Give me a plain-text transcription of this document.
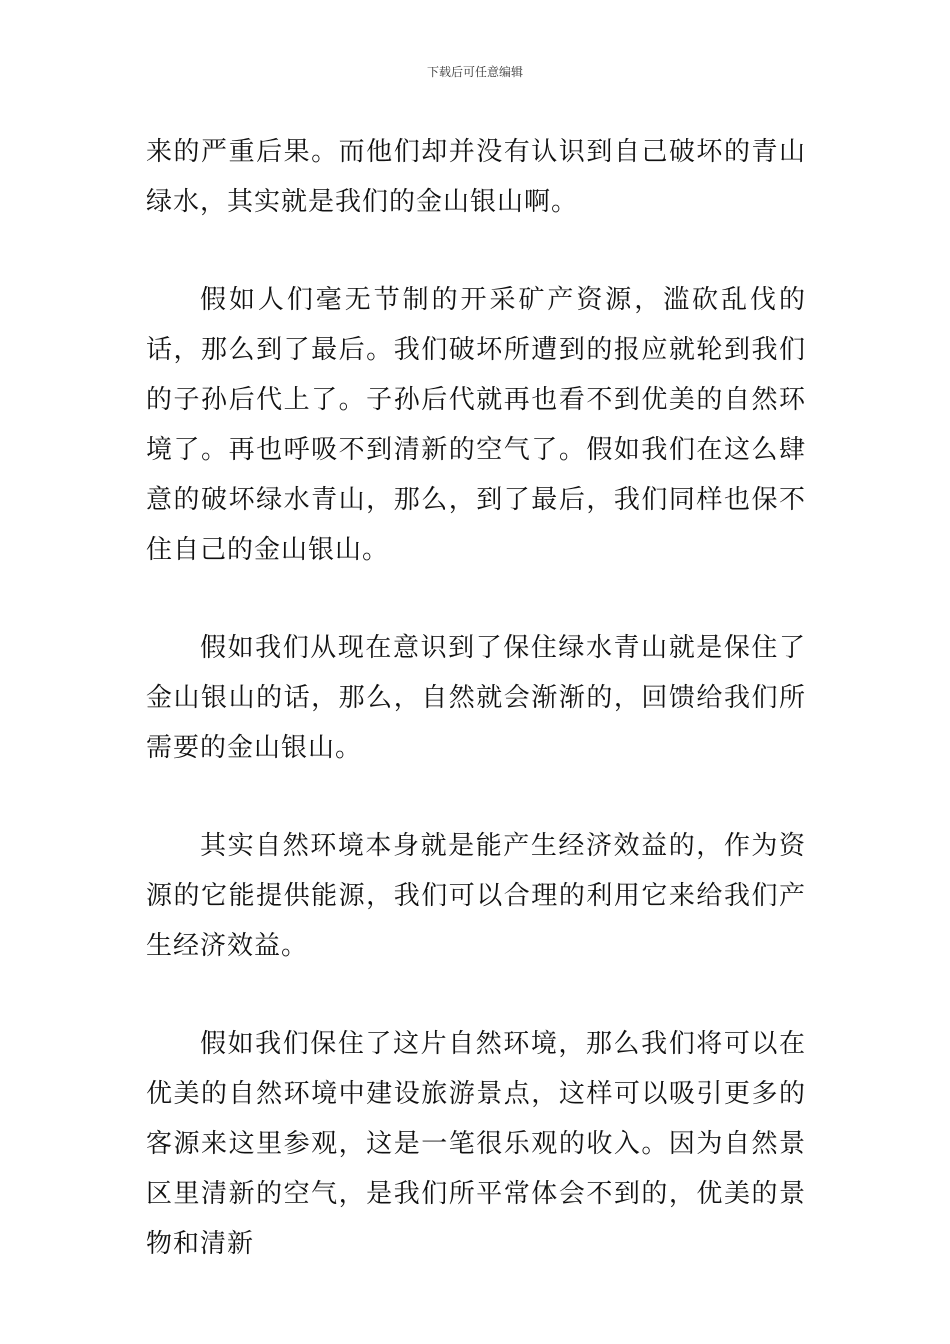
下载后可任意编辑

来的严重后果。而他们却并没有认识到自己破坏的青山绿水，其实就是我们的金山银山啊。

假如人们毫无节制的开采矿产资源，滥砍乱伐的话，那么到了最后。我们破坏所遭到的报应就轮到我们的子孙后代上了。子孙后代就再也看不到优美的自然环境了。再也呼吸不到清新的空气了。假如我们在这么肆意的破坏绿水青山，那么，到了最后，我们同样也保不住自己的金山银山。

假如我们从现在意识到了保住绿水青山就是保住了金山银山的话，那么，自然就会渐渐的，回馈给我们所需要的金山银山。

其实自然环境本身就是能产生经济效益的，作为资源的它能提供能源，我们可以合理的利用它来给我们产生经济效益。

假如我们保住了这片自然环境，那么我们将可以在优美的自然环境中建设旅游景点，这样可以吸引更多的客源来这里参观，这是一笔很乐观的收入。因为自然景区里清新的空气，是我们所平常体会不到的，优美的景物和清新
